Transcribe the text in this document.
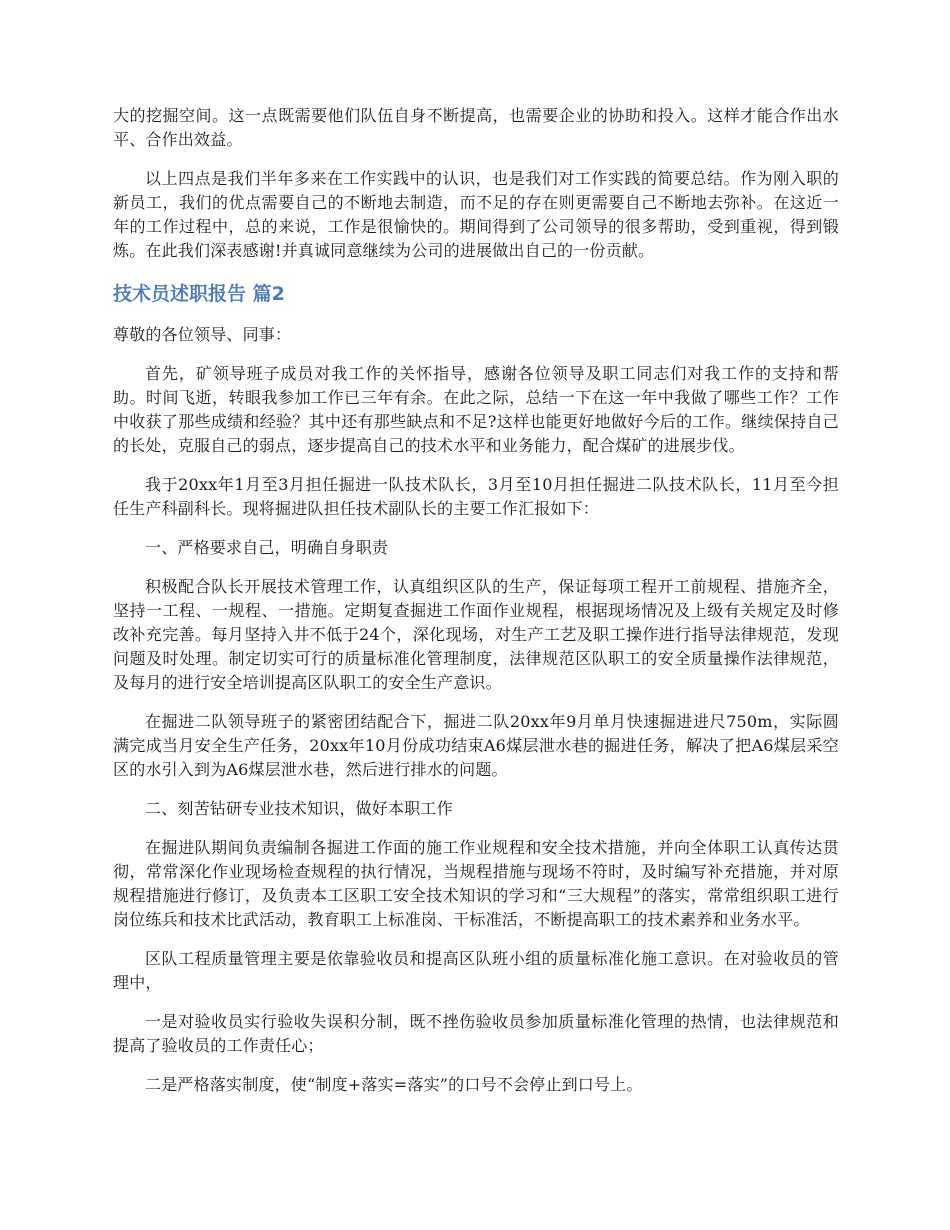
大的挖掘空间。这一点既需要他们队伍自身不断提高，也需要企业的协助和投入。这样才能合作出水平、合作出效益。

以上四点是我们半年多来在工作实践中的认识，也是我们对工作实践的简要总结。作为刚入职的新员工，我们的优点需要自己的不断地去制造，而不足的存在则更需要自己不断地去弥补。在这近一年的工作过程中，总的来说，工作是很愉快的。期间得到了公司领导的很多帮助，受到重视，得到锻炼。在此我们深表感谢!并真诚同意继续为公司的进展做出自己的一份贡献。

技术员述职报告 篇2

尊敬的各位领导、同事：

首先，矿领导班子成员对我工作的关怀指导，感谢各位领导及职工同志们对我工作的支持和帮助。时间飞逝，转眼我参加工作已三年有余。在此之际，总结一下在这一年中我做了哪些工作？工作中收获了那些成绩和经验？其中还有那些缺点和不足?这样也能更好地做好今后的工作。继续保持自己的长处，克服自己的弱点，逐步提高自己的技术水平和业务能力，配合煤矿的进展步伐。

我于20xx年1月至3月担任掘进一队技术队长，3月至10月担任掘进二队技术队长，11月至今担任生产科副科长。现将掘进队担任技术副队长的主要工作汇报如下：

一、严格要求自己，明确自身职责

积极配合队长开展技术管理工作，认真组织区队的生产，保证每项工程开工前规程、措施齐全，坚持一工程、一规程、一措施。定期复查掘进工作面作业规程，根据现场情况及上级有关规定及时修改补充完善。每月坚持入井不低于24个，深化现场，对生产工艺及职工操作进行指导法律规范，发现问题及时处理。制定切实可行的质量标准化管理制度，法律规范区队职工的安全质量操作法律规范，及每月的进行安全培训提高区队职工的安全生产意识。

在掘进二队领导班子的紧密团结配合下，掘进二队20xx年9月单月快速掘进进尺750m，实际圆满完成当月安全生产任务，20xx年10月份成功结束A6煤层泄水巷的掘进任务，解决了把A6煤层采空区的水引入到为A6煤层泄水巷，然后进行排水的问题。

二、刻苦钻研专业技术知识，做好本职工作

在掘进队期间负责编制各掘进工作面的施工作业规程和安全技术措施，并向全体职工认真传达贯彻，常常深化作业现场检查规程的执行情况，当规程措施与现场不符时，及时编写补充措施，并对原规程措施进行修订，及负责本工区职工安全技术知识的学习和“三大规程”的落实，常常组织职工进行岗位练兵和技术比武活动，教育职工上标准岗、干标准活，不断提高职工的技术素养和业务水平。

区队工程质量管理主要是依靠验收员和提高区队班小组的质量标准化施工意识。在对验收员的管理中，

一是对验收员实行验收失误积分制，既不挫伤验收员参加质量标准化管理的热情，也法律规范和提高了验收员的工作责任心；

二是严格落实制度，使“制度+落实=落实”的口号不会停止到口号上。
